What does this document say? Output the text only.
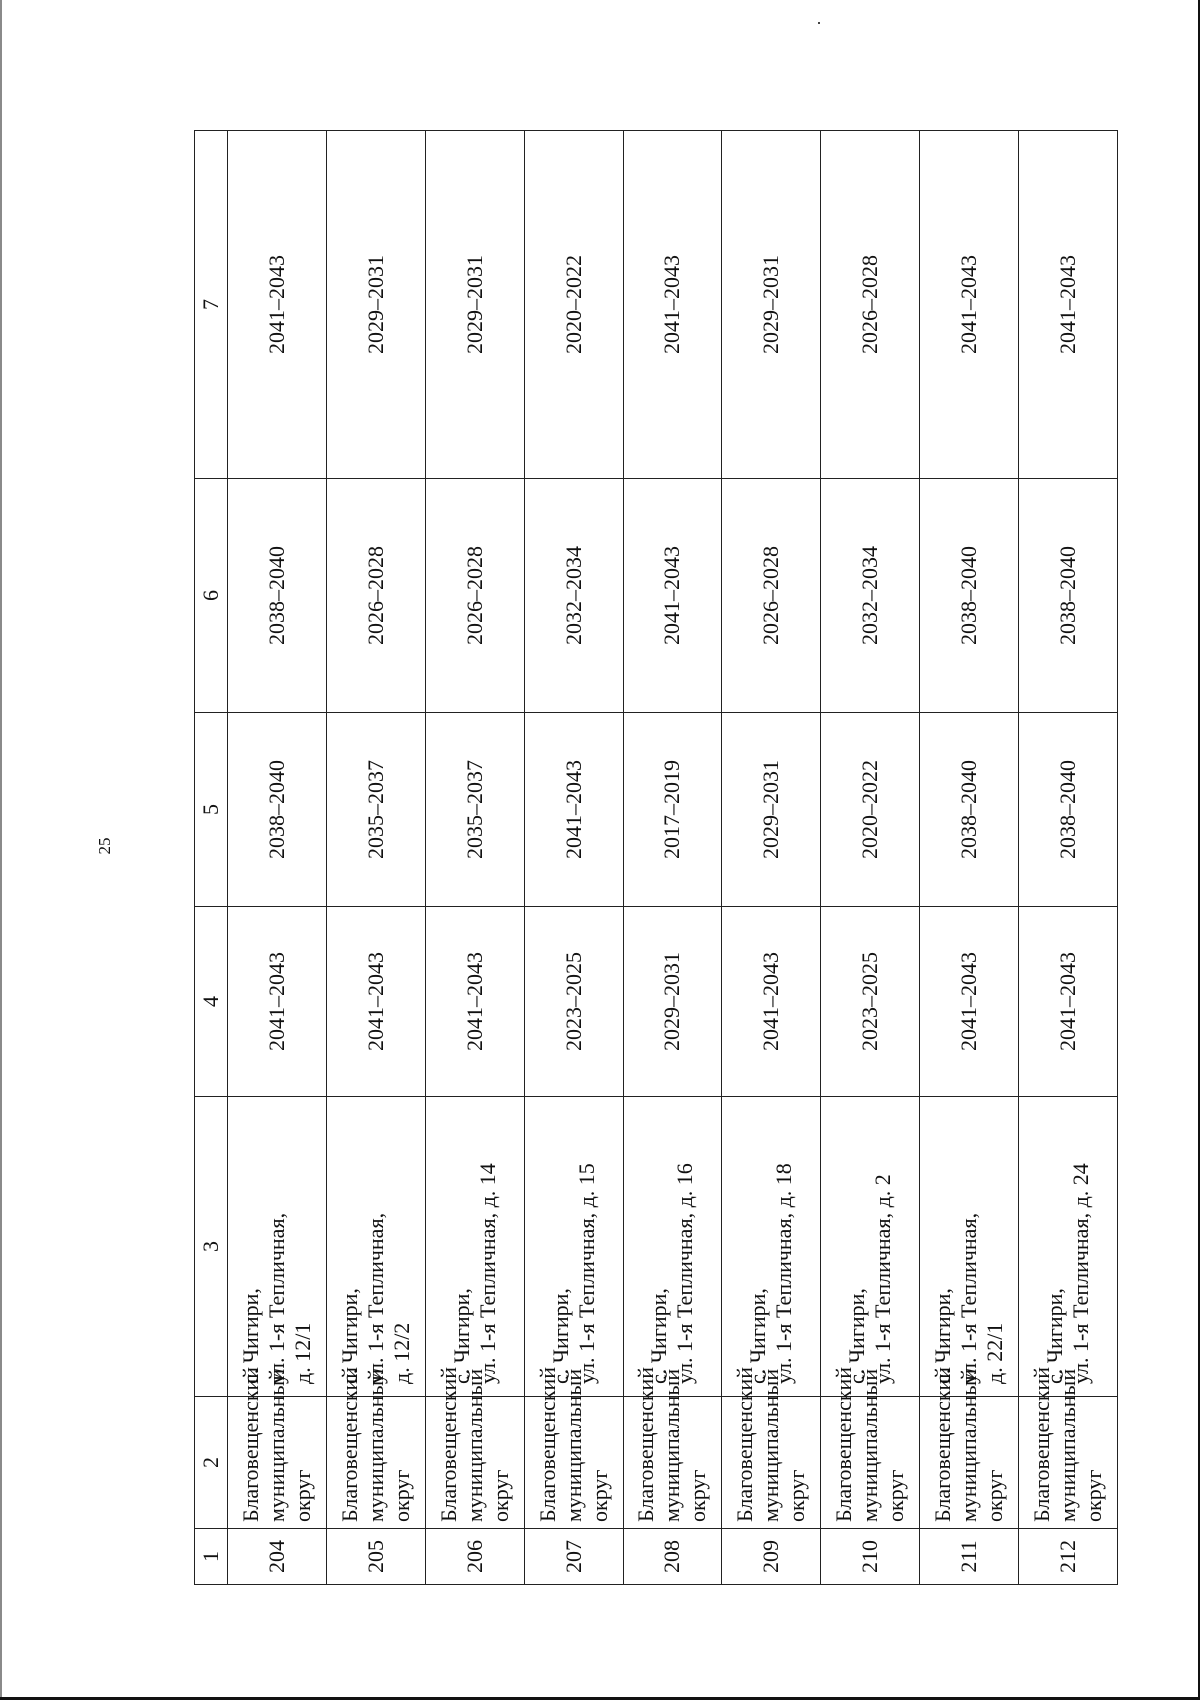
25
1	2	3	4	5	6	7
204	Благовещенский муниципальный округ	с. Чигири, ул. 1-я Тепличная, д. 12/1	2041–2043	2038–2040	2038–2040	2041–2043
205	Благовещенский муниципальный округ	с. Чигири, ул. 1-я Тепличная, д. 12/2	2041–2043	2035–2037	2026–2028	2029–2031
206	Благовещенский муниципальный округ	с. Чигири, ул. 1-я Тепличная, д. 14	2041–2043	2035–2037	2026–2028	2029–2031
207	Благовещенский муниципальный округ	с. Чигири, ул. 1-я Тепличная, д. 15	2023–2025	2041–2043	2032–2034	2020–2022
208	Благовещенский муниципальный округ	с. Чигири, ул. 1-я Тепличная, д. 16	2029–2031	2017–2019	2041–2043	2041–2043
209	Благовещенский муниципальный округ	с. Чигири, ул. 1-я Тепличная, д. 18	2041–2043	2029–2031	2026–2028	2029–2031
210	Благовещенский муниципальный округ	с. Чигири, ул. 1-я Тепличная, д. 2	2023–2025	2020–2022	2032–2034	2026–2028
211	Благовещенский муниципальный округ	с. Чигири, ул. 1-я Тепличная, д. 22/1	2041–2043	2038–2040	2038–2040	2041–2043
212	Благовещенский муниципальный округ	с. Чигири, ул. 1-я Тепличная, д. 24	2041–2043	2038–2040	2038–2040	2041–2043
